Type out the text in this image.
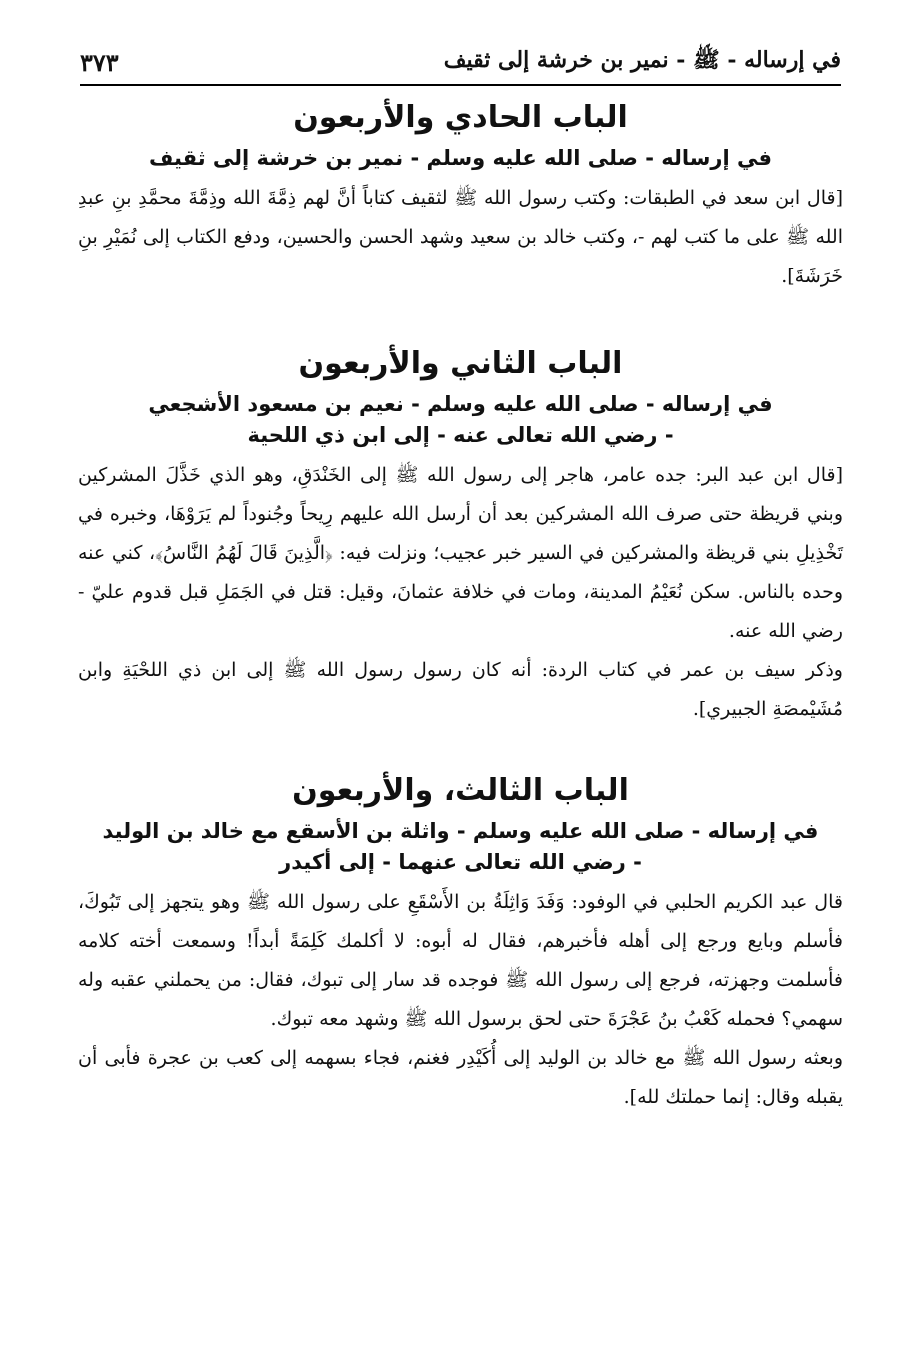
في إرساله - ﷺ - نمير بن خرشة إلى ثقيف
٣٧٣
الباب الحادي والأربعون
في إرساله - صلى الله عليه وسلم - نمير بن خرشة إلى ثقيف

[قال ابن سعد في الطبقات: وكتب رسول الله ﷺ لثقيف كتاباً أنَّ لهم ذِمَّةَ الله وذِمَّةَ محمَّدِ بنِ عبدِ الله ﷺ على ما كتب لهم -، وكتب خالد بن سعيد وشهد الحسن والحسين، ودفع الكتاب إلى نُمَيْرِ بنِ خَرَشَةَ].

الباب الثاني والأربعون
في إرساله - صلى الله عليه وسلم - نعيم بن مسعود الأشجعي
- رضي الله تعالى عنه - إلى ابن ذي اللحية

[قال ابن عبد البر: جده عامر، هاجر إلى رسول الله ﷺ إلى الخَنْدَقِ، وهو الذي خَذَّلَ المشركين وبني قريظة حتى صرف الله المشركين بعد أن أرسل الله عليهم رِيحاً وجُنوداً لم يَرَوْهَا، وخبره في تَخْذِيلِ بني قريظة والمشركين في السير خبر عجيب؛ ونزلت فيه: ﴿الَّذِينَ قَالَ لَهُمُ النَّاسُ﴾، كني عنه وحده بالناس. سكن نُعَيْمُ المدينة، ومات في خلافة عثمانَ، وقيل: قتل في الجَمَلِ قبل قدوم عليّ - رضي الله عنه.

وذكر سيف بن عمر في كتاب الردة: أنه كان رسول رسول الله ﷺ إلى ابن ذي اللحْيَةِ وابن مُشَيْمصَةِ الجبيري].

الباب الثالث، والأربعون
في إرساله - صلى الله عليه وسلم - واثلة بن الأسقع مع خالد بن الوليد
- رضي الله تعالى عنهما - إلى أكيدر

قال عبد الكريم الحلبي في الوفود: وَفَدَ وَاثِلَةُ بن الأَسْقَعِ على رسول الله ﷺ وهو يتجهز إلى تَبُوكَ، فأسلم وبايع ورجع إلى أهله فأخبرهم، فقال له أبوه: لا أكلمك كَلِمَةً أبداً! وسمعت أخته كلامه فأسلمت وجهزته، فرجع إلى رسول الله ﷺ فوجده قد سار إلى تبوك، فقال: من يحملني عقبه وله سهمي؟ فحمله كَعْبُ بنُ عَجْرَةَ حتى لحق برسول الله ﷺ وشهد معه تبوك.

وبعثه رسول الله ﷺ مع خالد بن الوليد إلى أُكَيْدِر فغنم، فجاء بسهمه إلى كعب بن عجرة فأبى أن يقبله وقال: إنما حملتك لله].
